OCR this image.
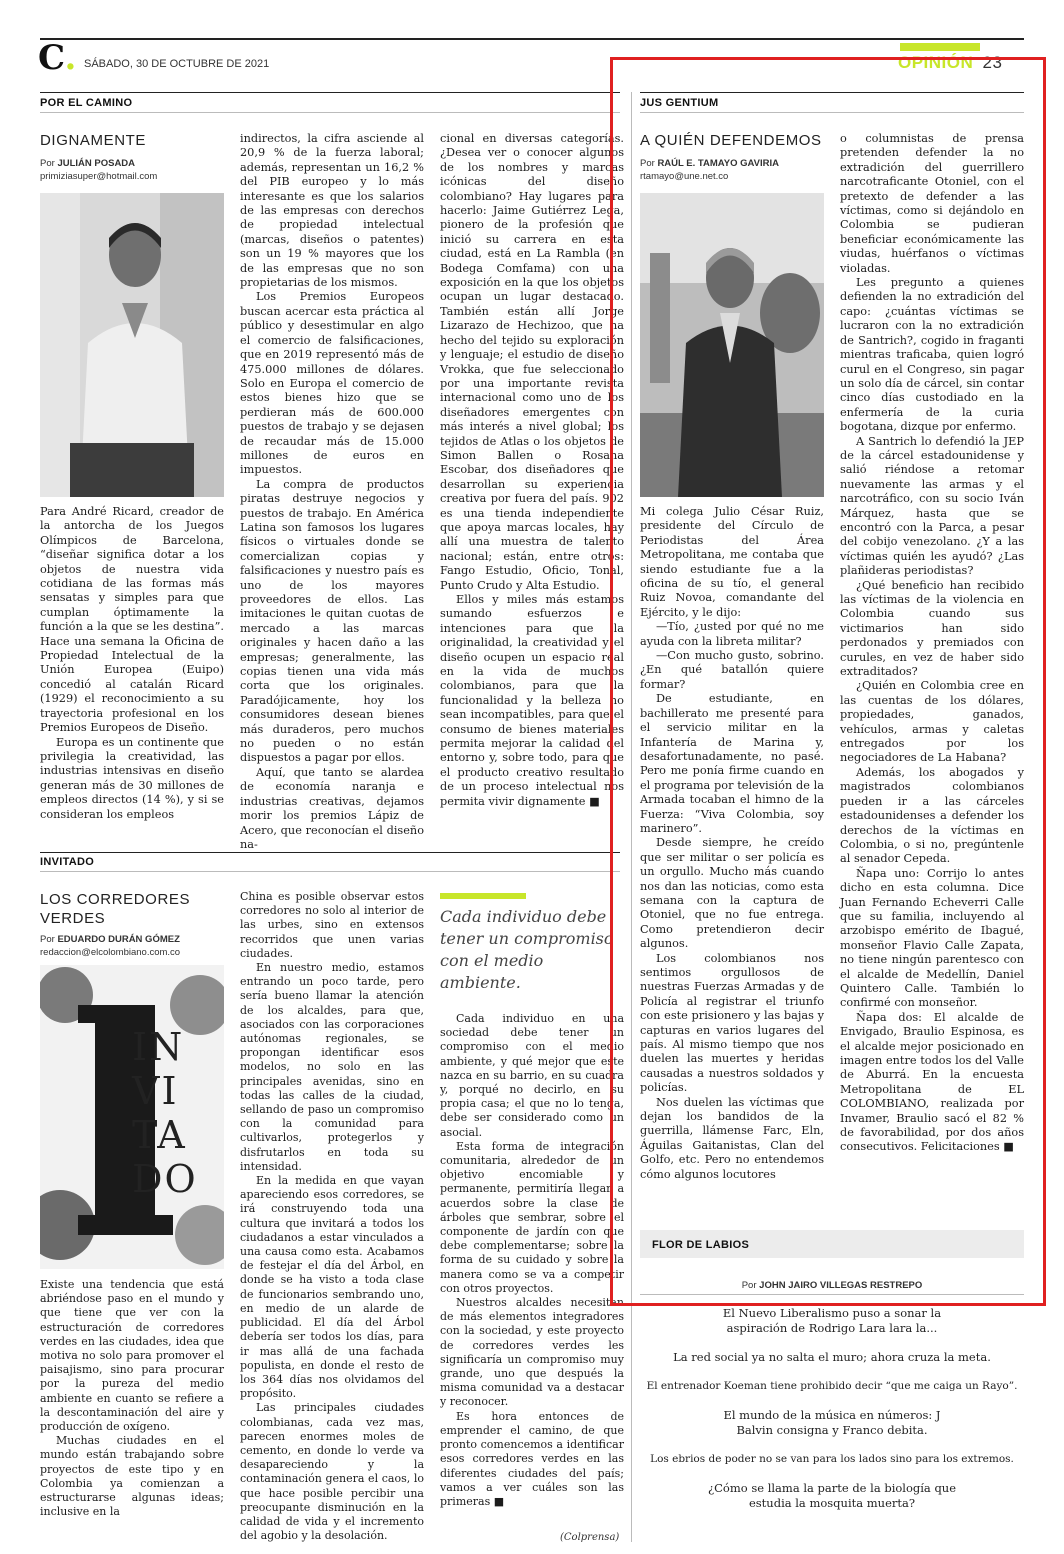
C. SÁBADO, 30 DE OCTUBRE DE 2021	OPINIÓN 23
POR EL CAMINO
DIGNAMENTE
Por JULIÁN POSADA
primiziasuper@hotmail.com

Para André Ricard, creador de la antorcha de los Juegos Olímpicos de Barcelona, “diseñar significa dotar a los objetos de nuestra vida cotidiana de las formas más sensatas y simples para que cumplan óptimamente la función a la que se les destina”. Hace una semana la Oficina de Propiedad Intelectual de la Unión Europea (Euipo) concedió al catalán Ricard (1929) el reconocimiento a su trayectoria profesional en los Premios Europeos de Diseño.

Europa es un continente que privilegia la creatividad, las industrias intensivas en diseño generan más de 30 millones de empleos directos (14 %), y si se consideran los empleos

indirectos, la cifra asciende al 20,9 % de la fuerza laboral; además, representan un 16,2 % del PIB europeo y lo más interesante es que los salarios de las empresas con derechos de propiedad intelectual (marcas, diseños o patentes) son un 19 % mayores que los de las empresas que no son propietarias de los mismos.

Los Premios Europeos buscan acercar esta práctica al público y desestimular en algo el comercio de falsificaciones, que en 2019 representó más de 475.000 millones de dólares. Solo en Europa el comercio de estos bienes hizo que se perdieran más de 600.000 puestos de trabajo y se dejasen de recaudar más de 15.000 millones de euros en impuestos.

La compra de productos piratas destruye negocios y puestos de trabajo. En América Latina son famosos los lugares físicos o virtuales donde se comercializan copias y falsificaciones y nuestro país es uno de los mayores proveedores de ellos. Las imitaciones le quitan cuotas de mercado a las marcas originales y hacen daño a las empresas; generalmente, las copias tienen una vida más corta que los originales. Paradójicamente, hoy los consumidores desean bienes más duraderos, pero muchos no pueden o no están dispuestos a pagar por ellos.

Aquí, que tanto se alardea de economía naranja e industrias creativas, dejamos morir los premios Lápiz de Acero, que reconocían el diseño na-

cional en diversas categorías. ¿Desea ver o conocer algunos de los nombres y marcas icónicas del diseño colombiano? Hay lugares para hacerlo: Jaime Gutiérrez Lega, pionero de la profesión que inició su carrera en esta ciudad, está en La Rambla (en Bodega Comfama) con una exposición en la que los objetos ocupan un lugar destacado. También están allí Jorge Lizarazo de Hechizoo, que ha hecho del tejido su exploración y lenguaje; el estudio de diseño Vrokka, que fue seleccionado por una importante revista internacional como uno de los diseñadores emergentes con más interés a nivel global; los tejidos de Atlas o los objetos de Simon Ballen o Rosana Escobar, dos diseñadores que desarrollan su experiencia creativa por fuera del país. 902 es una tienda independiente que apoya marcas locales, hay allí una muestra de talento nacional; están, entre otros: Fango Estudio, Oficio, Tonal, Punto Crudo y Alta Estudio.

Ellos y miles más estamos sumando esfuerzos e intenciones para que la originalidad, la creatividad y el diseño ocupen un espacio real en la vida de muchos colombianos, para que la funcionalidad y la belleza no sean incompatibles, para que el consumo de bienes materiales permita mejorar la calidad del entorno y, sobre todo, para que el producto creativo resultado de un proceso intelectual nos permita vivir dignamente ■

JUS GENTIUM
A QUIÉN DEFENDEMOS
Por RAÚL E. TAMAYO GAVIRIA
rtamayo@une.net.co

Mi colega Julio César Ruiz, presidente del Círculo de Periodistas del Área Metropolitana, me contaba que siendo estudiante fue a la oficina de su tío, el general Ruiz Novoa, comandante del Ejército, y le dijo:

—Tío, ¿usted por qué no me ayuda con la libreta militar?

—Con mucho gusto, sobrino. ¿En qué batallón quiere formar?

De estudiante, en bachillerato me presenté para el servicio militar en la Infantería de Marina y, desafortunadamente, no pasé. Pero me ponía firme cuando en el programa por televisión de la Armada tocaban el himno de la Fuerza: “Viva Colombia, soy marinero”.

Desde siempre, he creído que ser militar o ser policía es un orgullo. Mucho más cuando nos dan las noticias, como esta semana con la captura de Otoniel, que no fue entrega. Como pretendieron decir algunos.

Los colombianos nos sentimos orgullosos de nuestras Fuerzas Armadas y de Policía al registrar el triunfo con este prisionero y las bajas y capturas en varios lugares del país. Al mismo tiempo que nos duelen las muertes y heridas causadas a nuestros soldados y policías.

Nos duelen las víctimas que dejan los bandidos de la guerrilla, llámense Farc, Eln, Águilas Gaitanistas, Clan del Golfo, etc. Pero no entendemos cómo algunos locutores

o columnistas de prensa pretenden defender la no extradición del guerrillero narcotraficante Otoniel, con el pretexto de defender a las víctimas, como si dejándolo en Colombia se pudieran beneficiar económicamente las viudas, huérfanos o víctimas violadas.

Les pregunto a quienes defienden la no extradición del capo: ¿cuántas víctimas se lucraron con la no extradición de Santrich?, cogido in fraganti mientras traficaba, quien logró curul en el Congreso, sin pagar un solo día de cárcel, sin contar cinco días custodiado en la enfermería de la curia bogotana, dizque por enfermo.

A Santrich lo defendió la JEP de la cárcel estadounidense y salió riéndose a retomar nuevamente las armas y el narcotráfico, con su socio Iván Márquez, hasta que se encontró con la Parca, a pesar del cobijo venezolano. ¿Y a las víctimas quién les ayudó? ¿Las plañideras periodistas?

¿Qué beneficio han recibido las víctimas de la violencia en Colombia cuando sus victimarios han sido perdonados y premiados con curules, en vez de haber sido extraditados?

¿Quién en Colombia cree en las cuentas de los dólares, propiedades, ganados, vehículos, armas y caletas entregados por los negociadores de La Habana?

Además, los abogados y magistrados colombianos pueden ir a las cárceles estadounidenses a defender los derechos de la víctimas en Colombia, o si no, pregúntenle al senador Cepeda.

Ñapa uno: Corrijo lo antes dicho en esta columna. Dice Juan Fernando Echeverri Calle que su familia, incluyendo al arzobispo emérito de Ibagué, monseñor Flavio Calle Zapata, no tiene ningún parentesco con el alcalde de Medellín, Daniel Quintero Calle. También lo confirmé con monseñor.

Ñapa dos: El alcalde de Envigado, Braulio Espinosa, es el alcalde mejor posicionado en imagen entre todos los del Valle de Aburrá. En la encuesta Metropolitana de EL COLOMBIANO, realizada por Invamer, Braulio sacó el 82 % de favorabilidad, por dos años consecutivos. Felicitaciones ■

INVITADO
LOS CORREDORES VERDES
Por EDUARDO DURÁN GÓMEZ
redaccion@elcolombiano.com.co
INVITADO

Existe una tendencia que está abriéndose paso en el mundo y que tiene que ver con la estructuración de corredores verdes en las ciudades, idea que motiva no solo para promover el paisajismo, sino para procurar por la pureza del medio ambiente en cuanto se refiere a la descontaminación del aire y producción de oxígeno.

Muchas ciudades en el mundo están trabajando sobre proyectos de este tipo y en Colombia ya comienzan a estructurarse algunas ideas; inclusive en la

China es posible observar estos corredores no solo al interior de las urbes, sino en extensos recorridos que unen varias ciudades.

En nuestro medio, estamos entrando un poco tarde, pero sería bueno llamar la atención de los alcaldes, para que, asociados con las corporaciones autónomas regionales, se propongan identificar esos modelos, no solo en las principales avenidas, sino en todas las calles de la ciudad, sellando de paso un compromiso con la comunidad para cultivarlos, protegerlos y disfrutarlos en toda su intensidad.

En la medida en que vayan apareciendo esos corredores, se irá construyendo toda una cultura que invitará a todos los ciudadanos a estar vinculados a una causa como esta. Acabamos de festejar el día del Árbol, en donde se ha visto a toda clase de funcionarios sembrando uno, en medio de un alarde de publicidad. El día del Árbol debería ser todos los días, para ir mas allá de una fachada populista, en donde el resto de los 364 días nos olvidamos del propósito.

Las principales ciudades colombianas, cada vez mas, parecen enormes moles de cemento, en donde lo verde va desapareciendo y la contaminación genera el caos, lo que hace posible percibir una preocupante disminución en la calidad de vida y el incremento del agobio y la desolación.

Cada individuo debe tener un compromiso con el medio ambiente.

Cada individuo en una sociedad debe tener un compromiso con el medio ambiente, y qué mejor que este nazca en su barrio, en su cuadra y, porqué no decirlo, en su propia casa; el que no lo tenga, debe ser considerado como un asocial.

Esta forma de integración comunitaria, alrededor de un objetivo encomiable y permanente, permitiría llegar a acuerdos sobre la clase de árboles que sembrar, sobre el componente de jardín con que debe complementarse; sobre la forma de su cuidado y sobre la manera como se va a competir con otros proyectos.

Nuestros alcaldes necesitan de más elementos integradores con la sociedad, y este proyecto de corredores verdes les significaría un compromiso muy grande, uno que después la misma comunidad va a destacar y reconocer.

Es hora entonces de emprender el camino, de que pronto comencemos a identificar esos corredores verdes en las diferentes ciudades del país; vamos a ver cuáles son las primeras ■

(Colprensa)
FLOR DE LABIOS
Por JOHN JAIRO VILLEGAS RESTREPO
El Nuevo Liberalismo puso a sonar la aspiración de Rodrigo Lara lara la...
La red social ya no salta el muro; ahora cruza la meta.
El entrenador Koeman tiene prohibido decir “que me caiga un Rayo”.
El mundo de la música en números: J Balvin consigna y Franco debita.
Los ebrios de poder no se van para los lados sino para los extremos.
¿Cómo se llama la parte de la biología que estudia la mosquita muerta?
